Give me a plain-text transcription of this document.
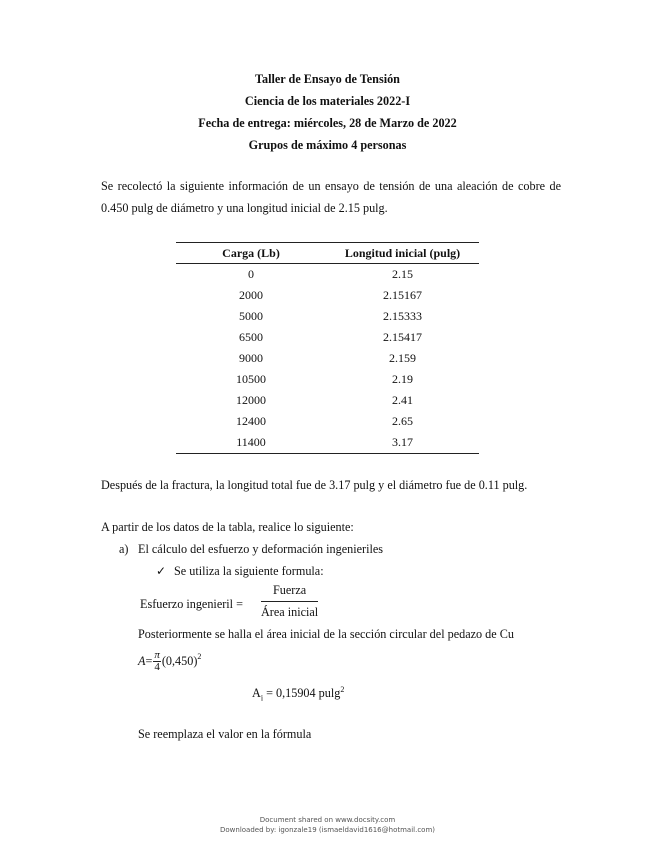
Taller de Ensayo de Tensión
Ciencia de los materiales 2022-I
Fecha de entrega: miércoles, 28 de Marzo de 2022
Grupos de máximo 4 personas
Se recolectó la siguiente información de un ensayo de tensión de una aleación de cobre de 0.450 pulg de diámetro y una longitud inicial de 2.15 pulg.
Carga (Lb)	Longitud inicial (pulg)
0	2.15
2000	2.15167
5000	2.15333
6500	2.15417
9000	2.159
10500	2.19
12000	2.41
12400	2.65
11400	3.17
Después de la fractura, la longitud total fue de 3.17 pulg y el diámetro fue de 0.11 pulg.
A partir de los datos de la tabla, realice lo siguiente:
a) El cálculo del esfuerzo y deformación ingenieriles
✓ Se utiliza la siguiente formula:
Esfuerzo ingenieril =
Fuerza
Área inicial
Posteriormente se halla el área inicial de la sección circular del pedazo de Cu
$A = \frac{\pi}{4} (0,450)^2$
$A_i = 0,15904$ pulg$^2$
Se reemplaza el valor en la fórmula
Document shared on www.docsity.com
Downloaded by: igonzale19 (ismaeldavid1616@hotmail.com)
